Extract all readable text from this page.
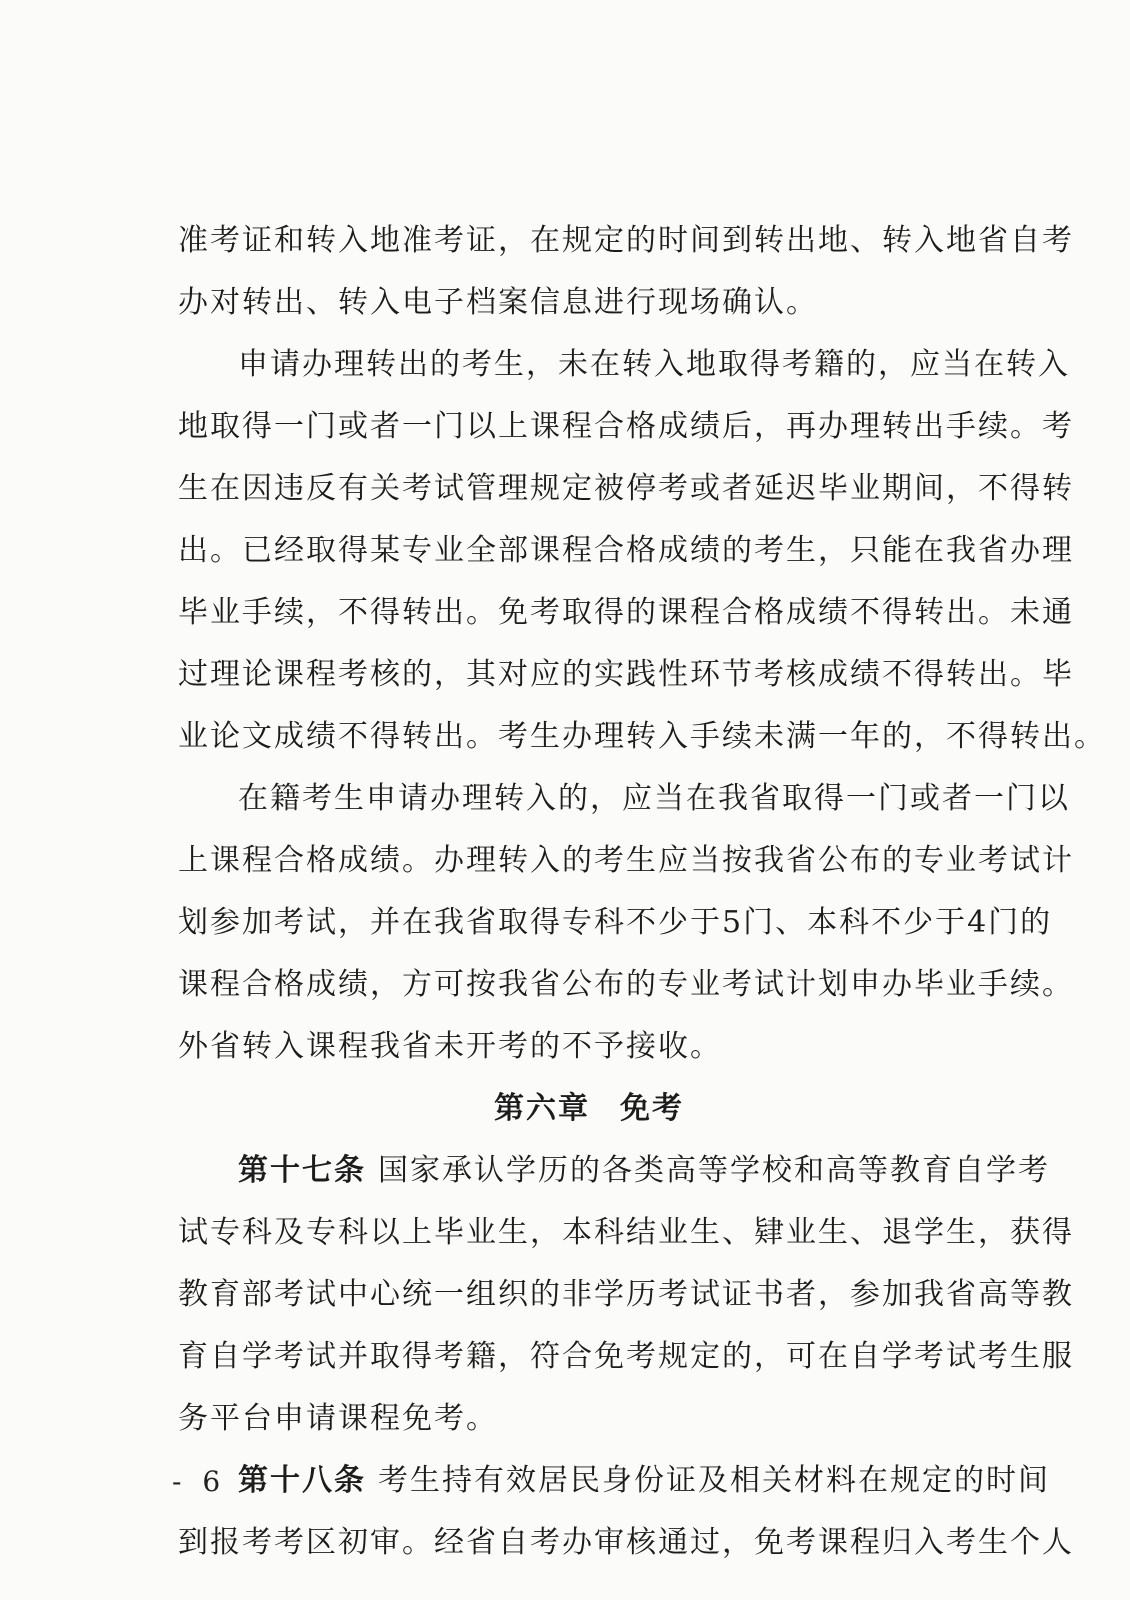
准考证和转入地准考证，在规定的时间到转出地、转入地省自考
办对转出、转入电子档案信息进行现场确认。
申请办理转出的考生，未在转入地取得考籍的，应当在转入
地取得一门或者一门以上课程合格成绩后，再办理转出手续。考
生在因违反有关考试管理规定被停考或者延迟毕业期间，不得转
出。已经取得某专业全部课程合格成绩的考生，只能在我省办理
毕业手续，不得转出。免考取得的课程合格成绩不得转出。未通
过理论课程考核的，其对应的实践性环节考核成绩不得转出。毕
业论文成绩不得转出。考生办理转入手续未满一年的，不得转出。
在籍考生申请办理转入的，应当在我省取得一门或者一门以
上课程合格成绩。办理转入的考生应当按我省公布的专业考试计
划参加考试，并在我省取得专科不少于5门、本科不少于4门的
课程合格成绩，方可按我省公布的专业考试计划申办毕业手续。
外省转入课程我省未开考的不予接收。
第六章 免考
第十七条 国家承认学历的各类高等学校和高等教育自学考
试专科及专科以上毕业生，本科结业生、肄业生、退学生，获得
教育部考试中心统一组织的非学历考试证书者，参加我省高等教
育自学考试并取得考籍，符合免考规定的，可在自学考试考生服
务平台申请课程免考。
第十八条 考生持有效居民身份证及相关材料在规定的时间
到报考考区初审。经省自考办审核通过，免考课程归入考生个人
- 6 -
